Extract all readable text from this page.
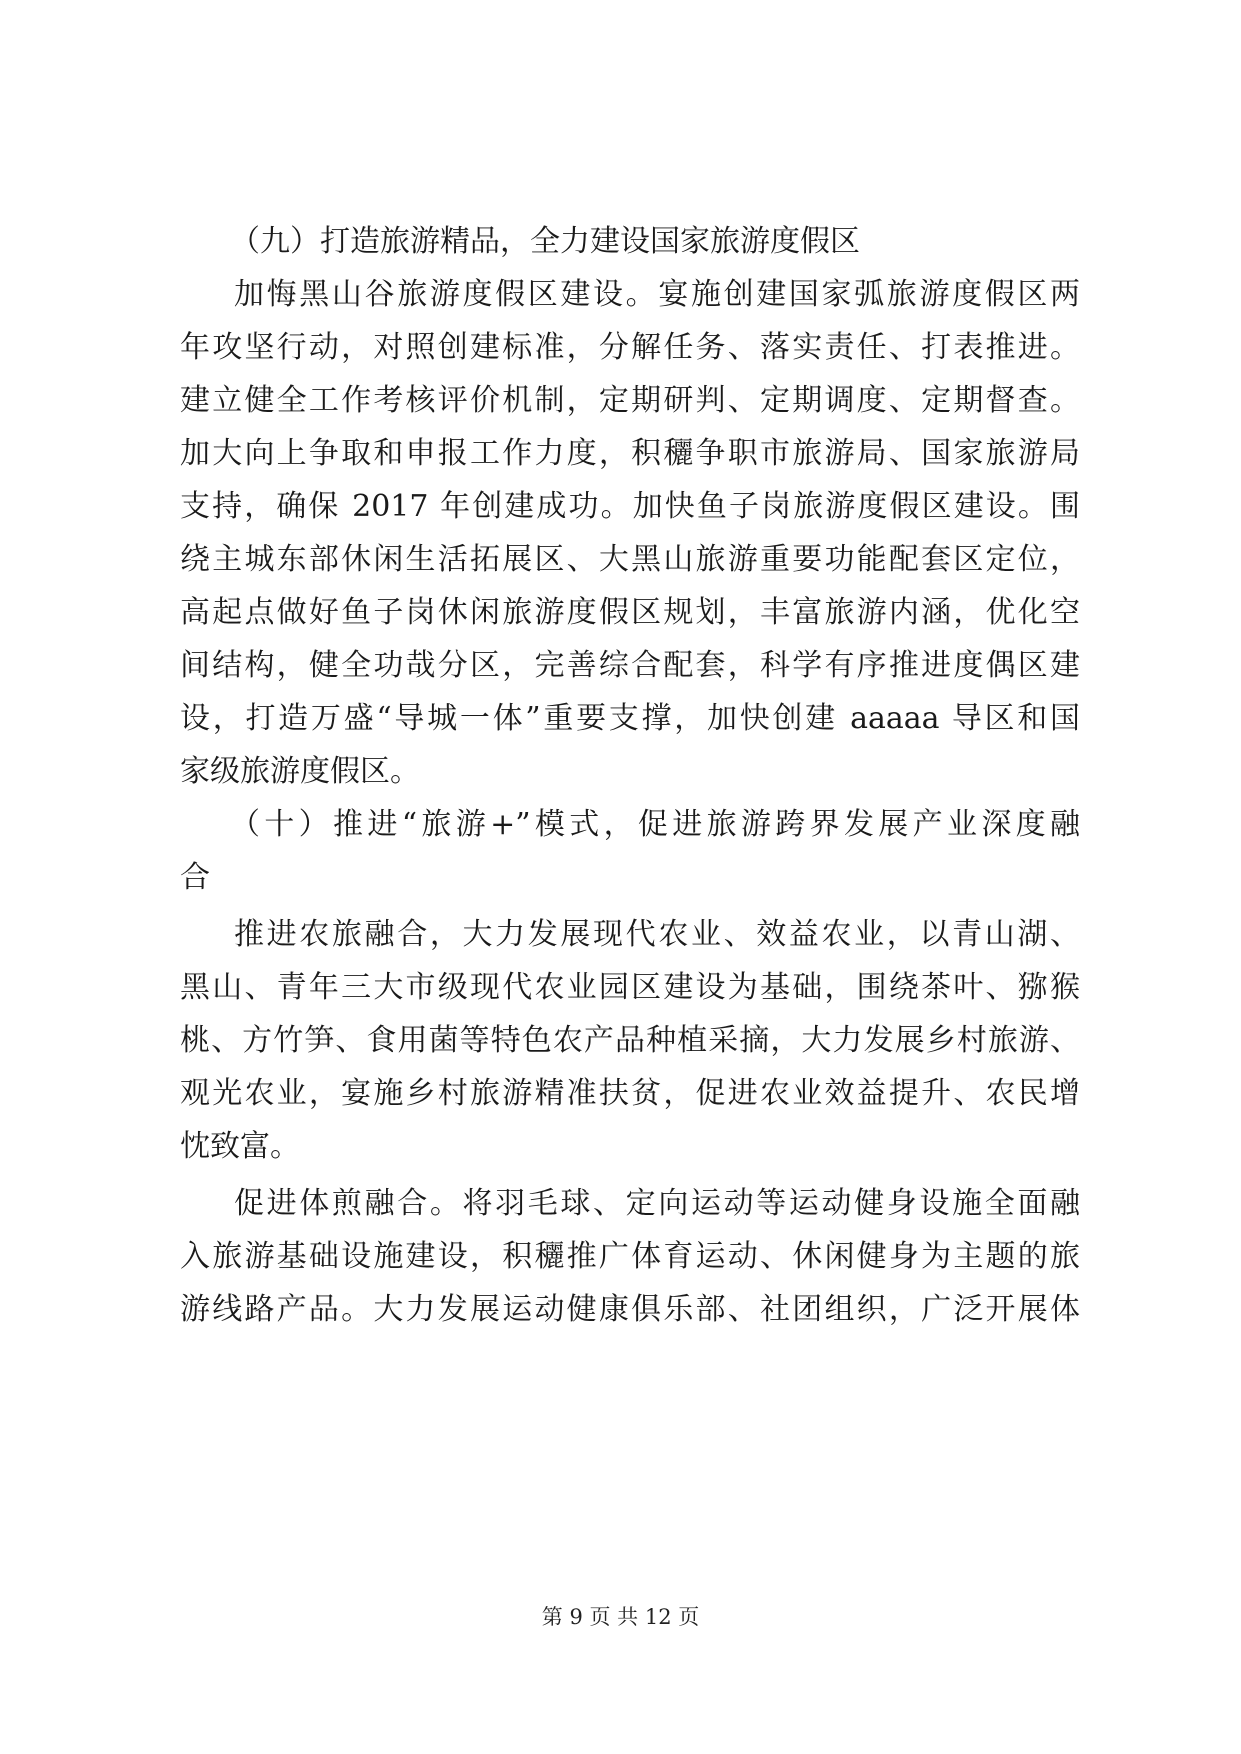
（九）打造旅游精品，全力建设国家旅游度假区
加悔黑山谷旅游度假区建设。宴施创建国家弧旅游度假区两
年攻坚行动，对照创建标准，分解任务、落实责任、打表推进。
建立健全工作考核评价机制，定期研判、定期调度、定期督查。
加大向上争取和申报工作力度，积穲争职市旅游局、国家旅游局
支持，确保 2017 年创建成功。加快鱼子岗旅游度假区建设。围
绕主城东部休闲生活拓展区、大黑山旅游重要功能配套区定位，
高起点做好鱼子岗休闲旅游度假区规划，丰富旅游内涵，优化空
间结构，健全功哉分区，完善综合配套，科学有序推进度偶区建
设，打造万盛“导城一体”重要支撑，加快创建 aaaaa 导区和国
家级旅游度假区。
（十）推进“旅游+”模式，促进旅游跨界发展产业深度融
合
推进农旅融合，大力发展现代农业、效益农业，以青山湖、
黑山、青年三大市级现代农业园区建设为基础，围绕茶叶、猕猴
桃、方竹笋、食用菌等特色农产品种植采摘，大力发展乡村旅游、
观光农业，宴施乡村旅游精准扶贫，促进农业效益提升、农民增
忱致富。
促进体煎融合。将羽毛球、定向运动等运动健身设施全面融
入旅游基础设施建设，积穲推广体育运动、休闲健身为主题的旅
游线路产品。大力发展运动健康俱乐部、社团组织，广泛开展体
第 9 页 共 12 页
